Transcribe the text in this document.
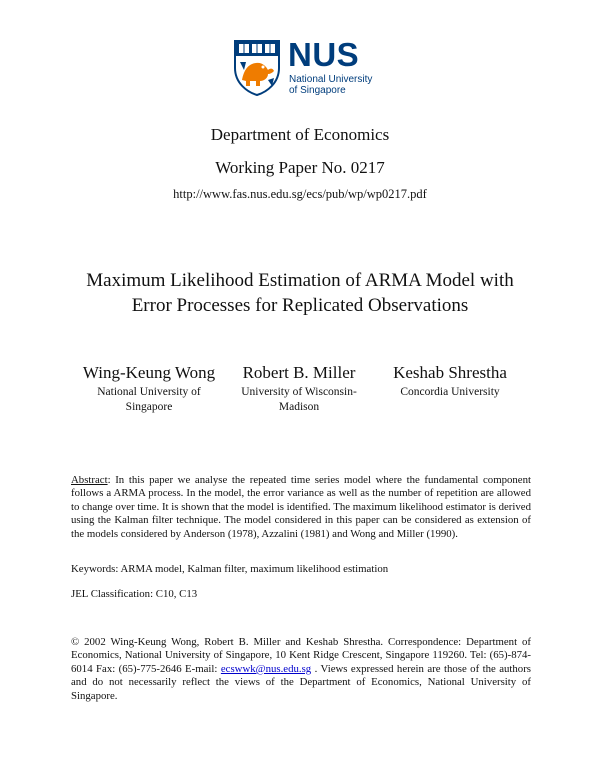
NUS
National University
of Singapore
Department of Economics
Working Paper No. 0217
http://www.fas.nus.edu.sg/ecs/pub/wp/wp0217.pdf
Maximum Likelihood Estimation of ARMA Model with
Error Processes for Replicated Observations
Wing-Keung Wong
National University of
Singapore
Robert B. Miller
University of Wisconsin-
Madison
Keshab Shrestha
Concordia University
Abstract: In this paper we analyse the repeated time series model where the fundamental component follows a ARMA process. In the model, the error variance as well as the number of repetition are allowed to change over time. It is shown that the model is identified. The maximum likelihood estimator is derived using the Kalman filter technique. The model considered in this paper can be considered as extension of the models considered by Anderson (1978), Azzalini (1981) and Wong and Miller (1990).
Keywords: ARMA model, Kalman filter, maximum likelihood estimation
JEL Classification: C10, C13
© 2002 Wing-Keung Wong, Robert B. Miller and Keshab Shrestha. Correspondence: Department of Economics, National University of Singapore, 10 Kent Ridge Crescent, Singapore 119260. Tel: (65)-874-6014 Fax: (65)-775-2646 E-mail: ecswwk@nus.edu.sg . Views expressed herein are those of the authors and do not necessarily reflect the views of the Department of Economics, National University of Singapore.
